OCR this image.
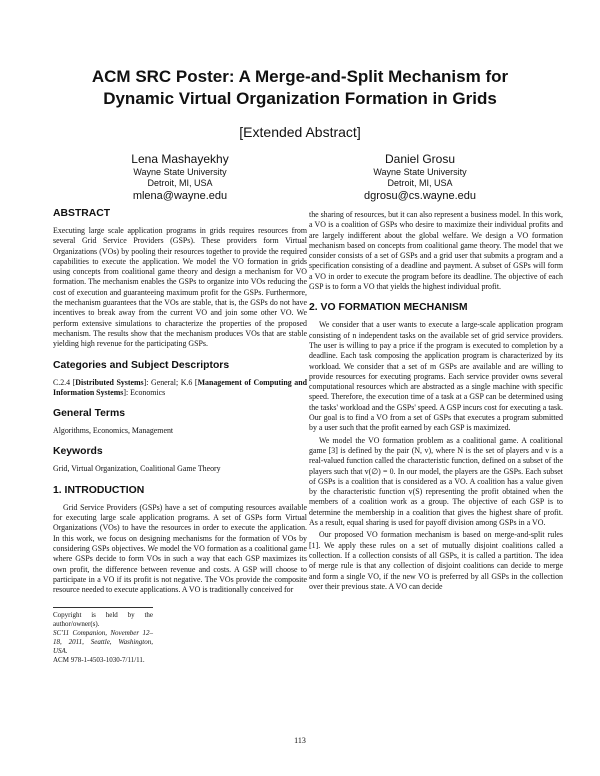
ACM SRC Poster: A Merge-and-Split Mechanism for
Dynamic Virtual Organization Formation in Grids
[Extended Abstract]
Lena Mashayekhy
Wayne State University
Detroit, MI, USA
mlena@wayne.edu
Daniel Grosu
Wayne State University
Detroit, MI, USA
dgrosu@cs.wayne.edu
ABSTRACT

Executing large scale application programs in grids requires resources from several Grid Service Providers (GSPs). These providers form Virtual Organizations (VOs) by pooling their resources together to provide the required capabilities to execute the application. We model the VO formation in grids using concepts from coalitional game theory and design a mechanism for VO formation. The mechanism enables the GSPs to organize into VOs reducing the cost of execution and guaranteeing maximum profit for the GSPs. Furthermore, the mechanism guarantees that the VOs are stable, that is, the GSPs do not have incentives to break away from the current VO and join some other VO. We perform extensive simulations to characterize the properties of the proposed mechanism. The results show that the mechanism produces VOs that are stable yielding high revenue for the participating GSPs.

Categories and Subject Descriptors

C.2.4 [Distributed Systems]: General; K.6 [Management of Computing and Information Systems]: Economics

General Terms

Algorithms, Economics, Management

Keywords

Grid, Virtual Organization, Coalitional Game Theory

1. INTRODUCTION

Grid Service Providers (GSPs) have a set of computing resources available for executing large scale application programs. A set of GSPs form Virtual Organizations (VOs) to have the resources in order to execute the application. In this work, we focus on designing mechanisms for the formation of VOs by considering GSPs objectives. We model the VO formation as a coalitional game where GSPs decide to form VOs in such a way that each GSP maximizes its own profit, the difference between revenue and costs. A GSP will choose to participate in a VO if its profit is not negative. The VOs provide the composite resource needed to execute applications. A VO is traditionally conceived for

Copyright is held by the author/owner(s).

SC'11 Companion, November 12–18, 2011, Seattle, Washington, USA.

ACM 978-1-4503-1030-7/11/11.

the sharing of resources, but it can also represent a business model. In this work, a VO is a coalition of GSPs who desire to maximize their individual profits and are largely indifferent about the global welfare. We design a VO formation mechanism based on concepts from coalitional game theory. The model that we consider consists of a set of GSPs and a grid user that submits a program and a specification consisting of a deadline and payment. A subset of GSPs will form a VO in order to execute the program before its deadline. The objective of each GSP is to form a VO that yields the highest individual profit.

2. VO FORMATION MECHANISM

We consider that a user wants to execute a large-scale application program consisting of n independent tasks on the available set of grid service providers. The user is willing to pay a price if the program is executed to completion by a deadline. Each task composing the application program is characterized by its workload. We consider that a set of m GSPs are available and are willing to provide resources for executing programs. Each service provider owns several computational resources which are abstracted as a single machine with specific speed. Therefore, the execution time of a task at a GSP can be determined using the tasks' workload and the GSPs' speed. A GSP incurs cost for executing a task. Our goal is to find a VO from a set of GSPs that executes a program submitted by a user such that the profit earned by each GSP is maximized.

We model the VO formation problem as a coalitional game. A coalitional game [3] is defined by the pair (N, v), where N is the set of players and v is a real-valued function called the characteristic function, defined on a subset of the players such that v(∅) = 0. In our model, the players are the GSPs. Each subset of GSPs is a coalition that is considered as a VO. A coalition has a value given by the characteristic function v(S) representing the profit obtained when the members of a coalition work as a group. The objective of each GSP is to determine the membership in a coalition that gives the highest share of profit. As a result, equal sharing is used for payoff division among GSPs in a VO.

Our proposed VO formation mechanism is based on merge-and-split rules [1]. We apply these rules on a set of mutually disjoint coalitions called a collection. If a collection consists of all GSPs, it is called a partition. The idea of merge rule is that any collection of disjoint coalitions can decide to merge and form a single VO, if the new VO is preferred by all GSPs in the collection over their previous state. A VO can decide

113
